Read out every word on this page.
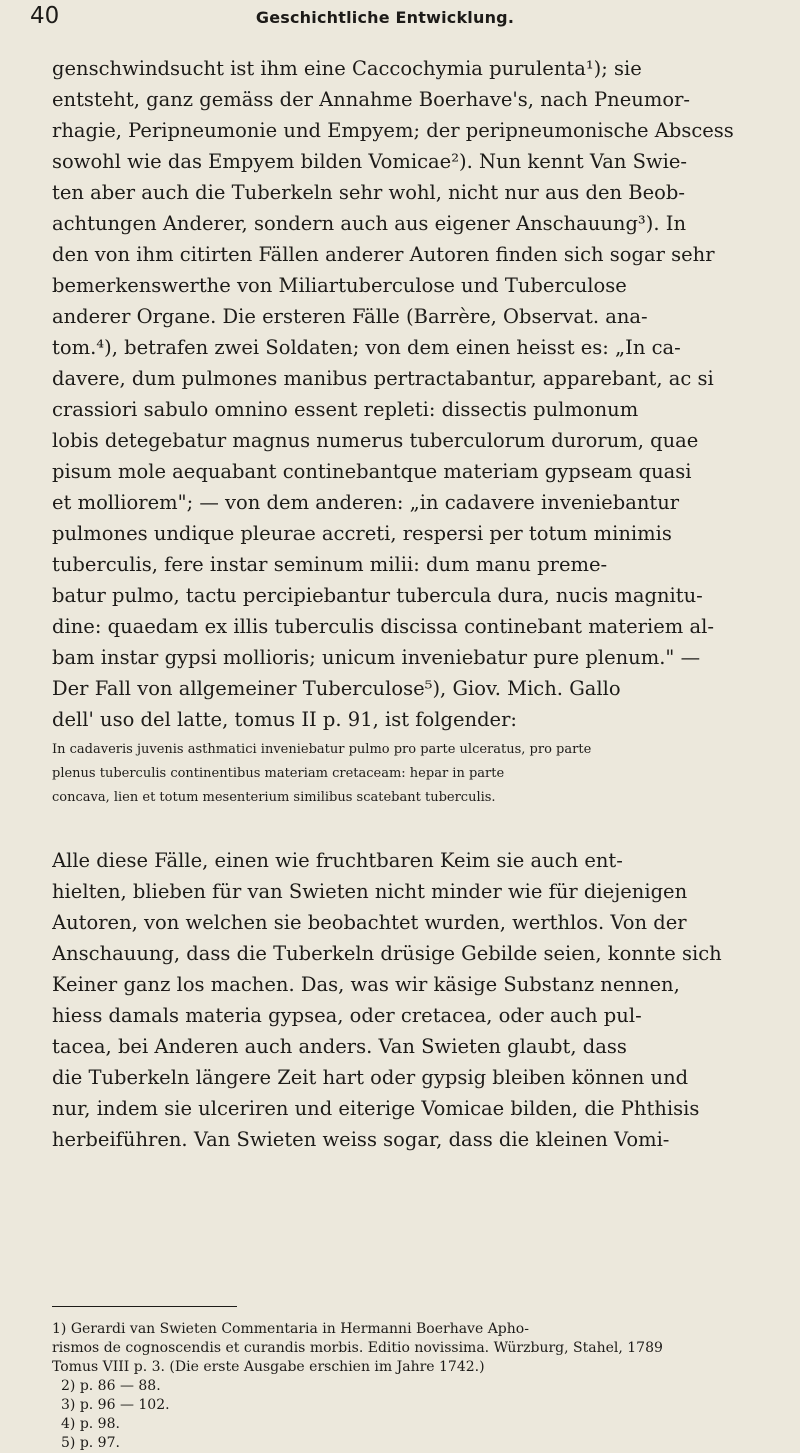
40	Geschichtliche Entwicklung.
genschwindsucht ist ihm eine Caccochymia purulenta¹); sie
entsteht, ganz gemäss der Annahme Boerhave's, nach Pneumor-
rhagie, Peripneumonie und Empyem; der peripneumonische Abscess
sowohl wie das Empyem bilden Vomicae²). Nun kennt Van Swie-
ten aber auch die Tuberkeln sehr wohl, nicht nur aus den Beob-
achtungen Anderer, sondern auch aus eigener Anschauung³). In
den von ihm citirten Fällen anderer Autoren finden sich sogar sehr
bemerkenswerthe von Miliartuberculose und Tuberculose
anderer Organe. Die ersteren Fälle (Barrère, Observat. ana-
tom.⁴), betrafen zwei Soldaten; von dem einen heisst es: „In ca-
davere, dum pulmones manibus pertractabantur, apparebant, ac si
crassiori sabulo omnino essent repleti: dissectis pulmonum
lobis detegebatur magnus numerus tuberculorum durorum, quae
pisum mole aequabant continebantque materiam gypseam quasi
et molliorem"; — von dem anderen: „in cadavere inveniebantur
pulmones undique pleurae accreti, respersi per totum minimis
tuberculis, fere instar seminum milii: dum manu preme-
batur pulmo, tactu percipiebantur tubercula dura, nucis magnitu-
dine: quaedam ex illis tuberculis discissa continebant materiem al-
bam instar gypsi mollioris; unicum inveniebatur pure plenum." —
Der Fall von allgemeiner Tuberculose⁵), Giov. Mich. Gallo
dell' uso del latte, tomus II p. 91, ist folgender:
In cadaveris juvenis asthmatici inveniebatur pulmo pro parte ulceratus, pro parte
plenus tuberculis continentibus materiam cretaceam: hepar in parte
concava, lien et totum mesenterium similibus scatebant tuberculis.
Alle diese Fälle, einen wie fruchtbaren Keim sie auch ent-
hielten, blieben für van Swieten nicht minder wie für diejenigen
Autoren, von welchen sie beobachtet wurden, werthlos. Von der
Anschauung, dass die Tuberkeln drüsige Gebilde seien, konnte sich
Keiner ganz los machen. Das, was wir käsige Substanz nennen,
hiess damals materia gypsea, oder cretacea, oder auch pul-
tacea, bei Anderen auch anders. Van Swieten glaubt, dass
die Tuberkeln längere Zeit hart oder gypsig bleiben können und
nur, indem sie ulceriren und eiterige Vomicae bilden, die Phthisis
herbeiführen. Van Swieten weiss sogar, dass die kleinen Vomi-
1) Gerardi van Swieten Commentaria in Hermanni Boerhave Apho-
rismos de cognoscendis et curandis morbis. Editio novissima. Würzburg, Stahel, 1789
Tomus VIII p. 3. (Die erste Ausgabe erschien im Jahre 1742.)
2) p. 86 — 88.
3) p. 96 — 102.
4) p. 98.
5) p. 97.
